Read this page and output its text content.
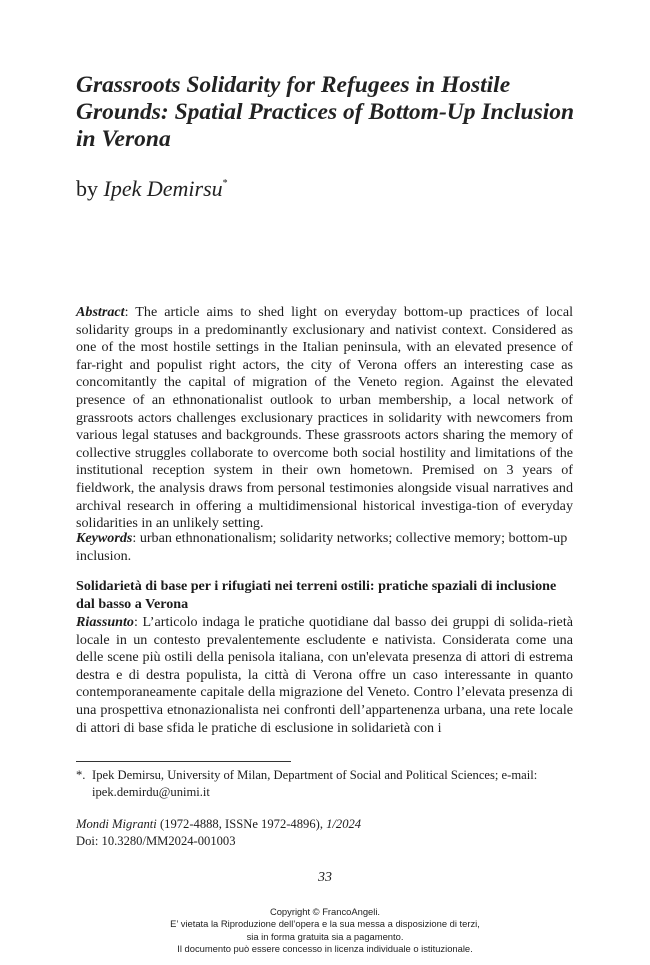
Grassroots Solidarity for Refugees in Hostile Grounds: Spatial Practices of Bottom-Up Inclusion in Verona
by Ipek Demirsu*
Abstract: The article aims to shed light on everyday bottom-up practices of local solidarity groups in a predominantly exclusionary and nativist context. Considered as one of the most hostile settings in the Italian peninsula, with an elevated presence of far-right and populist right actors, the city of Verona offers an interesting case as concomitantly the capital of migration of the Veneto region. Against the elevated presence of an ethnonationalist outlook to urban membership, a local network of grassroots actors challenges exclusionary practices in solidarity with newcomers from various legal statuses and backgrounds. These grassroots actors sharing the memory of collective struggles collaborate to overcome both social hostility and limitations of the institutional reception system in their own hometown. Premised on 3 years of fieldwork, the analysis draws from personal testimonies alongside visual narratives and archival research in offering a multidimensional historical investiga-tion of everyday solidarities in an unlikely setting.
Keywords: urban ethnonationalism; solidarity networks; collective memory; bottom-up inclusion.
Solidarietà di base per i rifugiati nei terreni ostili: pratiche spaziali di inclusione dal basso a Verona
Riassunto: L’articolo indaga le pratiche quotidiane dal basso dei gruppi di solida-rietà locale in un contesto prevalentemente escludente e nativista. Considerata come una delle scene più ostili della penisola italiana, con un'elevata presenza di attori di estrema destra e di destra populista, la città di Verona offre un caso interessante in quanto contemporaneamente capitale della migrazione del Veneto. Contro l’elevata presenza di una prospettiva etnonazionalista nei confronti dell’appartenenza urbana, una rete locale di attori di base sfida le pratiche di esclusione in solidarietà con i
*. Ipek Demirsu, University of Milan, Department of Social and Political Sciences; e-mail:
ipek.demirdu@unimi.it
Mondi Migranti (1972-4888, ISSNe 1972-4896), 1/2024
Doi: 10.3280/MM2024-001003
33
Copyright © FrancoAngeli.
E’ vietata la Riproduzione dell’opera e la sua messa a disposizione di terzi,
sia in forma gratuita sia a pagamento.
Il documento può essere concesso in licenza individuale o istituzionale.
